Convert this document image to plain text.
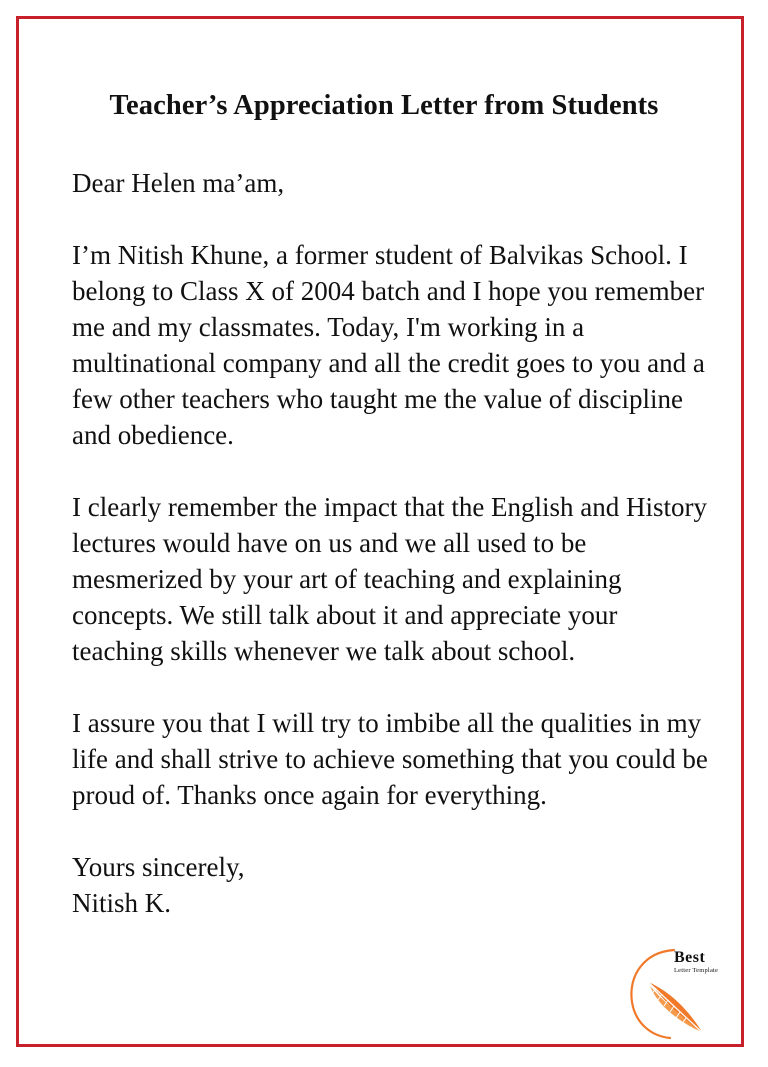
Teacher’s Appreciation Letter from Students
Dear Helen ma’am,

I’m Nitish Khune, a former student of Balvikas School. I belong to Class X of 2004 batch and I hope you remember me and my classmates. Today, I'm working in a multinational company and all the credit goes to you and a few other teachers who taught me the value of discipline and obedience.

I clearly remember the impact that the English and History lectures would have on us and we all used to be mesmerized by your art of teaching and explaining concepts. We still talk about it and appreciate your teaching skills whenever we talk about school.

I assure you that I will try to imbibe all the qualities in my life and shall strive to achieve something that you could be proud of. Thanks once again for everything.

Yours sincerely,

Nitish K.

Best
Letter Template
